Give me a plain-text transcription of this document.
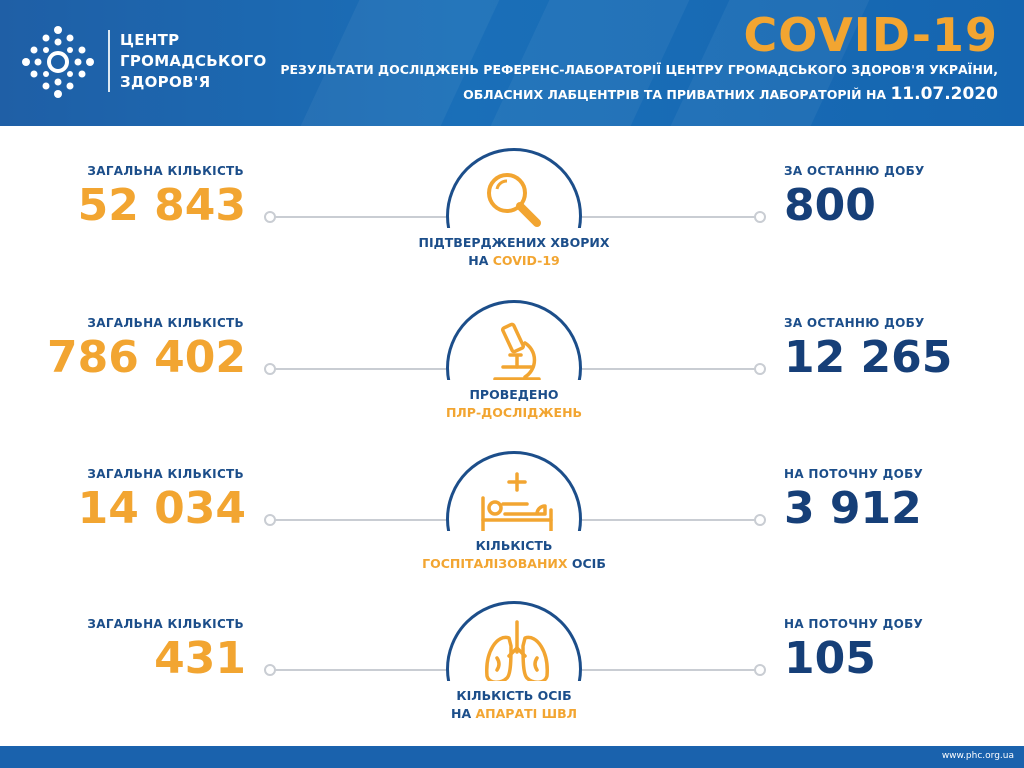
ЦЕНТР
ГРОМАДСЬКОГО
ЗДОРОВ'Я
COVID-19
РЕЗУЛЬТАТИ ДОСЛІДЖЕНЬ РЕФЕРЕНС-ЛАБОРАТОРІЇ ЦЕНТРУ ГРОМАДСЬКОГО ЗДОРОВ'Я УКРАЇНИ,
ОБЛАСНИХ ЛАБЦЕНТРІВ ТА ПРИВАТНИХ ЛАБОРАТОРІЙ НА 11.07.2020
ЗАГАЛЬНА КІЛЬКІСТЬ
52 843
ПІДТВЕРДЖЕНИХ ХВОРИХ
НА COVID-19
ЗА ОСТАННЮ ДОБУ
800
ЗАГАЛЬНА КІЛЬКІСТЬ
786 402
ПРОВЕДЕНО
ПЛР-ДОСЛІДЖЕНЬ
ЗА ОСТАННЮ ДОБУ
12 265
ЗАГАЛЬНА КІЛЬКІСТЬ
14 034
КІЛЬКІСТЬ
ГОСПІТАЛІЗОВАНИХ ОСІБ
НА ПОТОЧНУ ДОБУ
3 912
ЗАГАЛЬНА КІЛЬКІСТЬ
431
КІЛЬКІСТЬ ОСІБ
НА АПАРАТІ ШВЛ
НА ПОТОЧНУ ДОБУ
105
www.phc.org.ua
